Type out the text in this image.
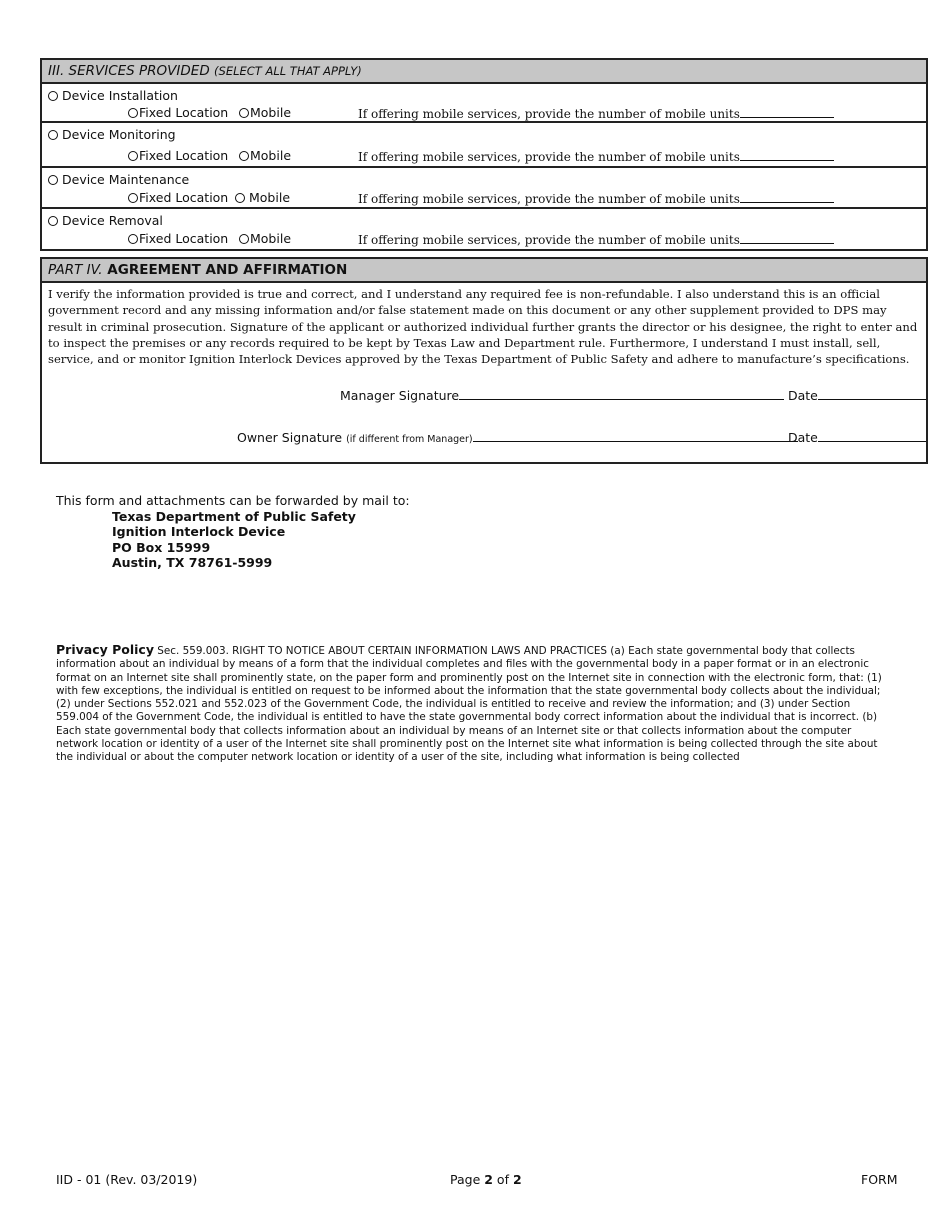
III. SERVICES PROVIDED (SELECT ALL THAT APPLY)
Device Installation
Fixed Location	Mobile	If offering mobile services, provide the number of mobile units
Device Monitoring
Fixed Location	Mobile	If offering mobile services, provide the number of mobile units
Device Maintenance
Fixed Location	Mobile	If offering mobile services, provide the number of mobile units
Device Removal
Fixed Location	Mobile	If offering mobile services, provide the number of mobile units
PART IV. AGREEMENT AND AFFIRMATION
I verify the information provided is true and correct, and I understand any required fee is non-refundable. I also understand this is an official government record and any missing information and/or false statement made on this document or any other supplement provided to DPS may result in criminal prosecution. Signature of the applicant or authorized individual further grants the director or his designee, the right to enter and to inspect the premises or any records required to be kept by Texas Law and Department rule. Furthermore, I understand I must install, sell, service, and or monitor Ignition Interlock Devices approved by the Texas Department of Public Safety and adhere to manufacture’s specifications.
Manager Signature	Date
Owner Signature (if different from Manager)	Date
This form and attachments can be forwarded by mail to:
Texas Department of Public Safety
Ignition Interlock Device
PO Box 15999
Austin, TX 78761-5999
Privacy Policy Sec. 559.003. RIGHT TO NOTICE ABOUT CERTAIN INFORMATION LAWS AND PRACTICES (a) Each state governmental body that collects information about an individual by means of a form that the individual completes and files with the governmental body in a paper format or in an electronic format on an Internet site shall prominently state, on the paper form and prominently post on the Internet site in connection with the electronic form, that: (1) with few exceptions, the individual is entitled on request to be informed about the information that the state governmental body collects about the individual; (2) under Sections 552.021 and 552.023 of the Government Code, the individual is entitled to receive and review the information; and (3) under Section 559.004 of the Government Code, the individual is entitled to have the state governmental body correct information about the individual that is incorrect. (b) Each state governmental body that collects information about an individual by means of an Internet site or that collects information about the computer network location or identity of a user of the Internet site shall prominently post on the Internet site what information is being collected through the site about the individual or about the computer network location or identity of a user of the site, including what information is being collected
IID - 01 (Rev. 03/2019)	Page 2 of 2	FORM
